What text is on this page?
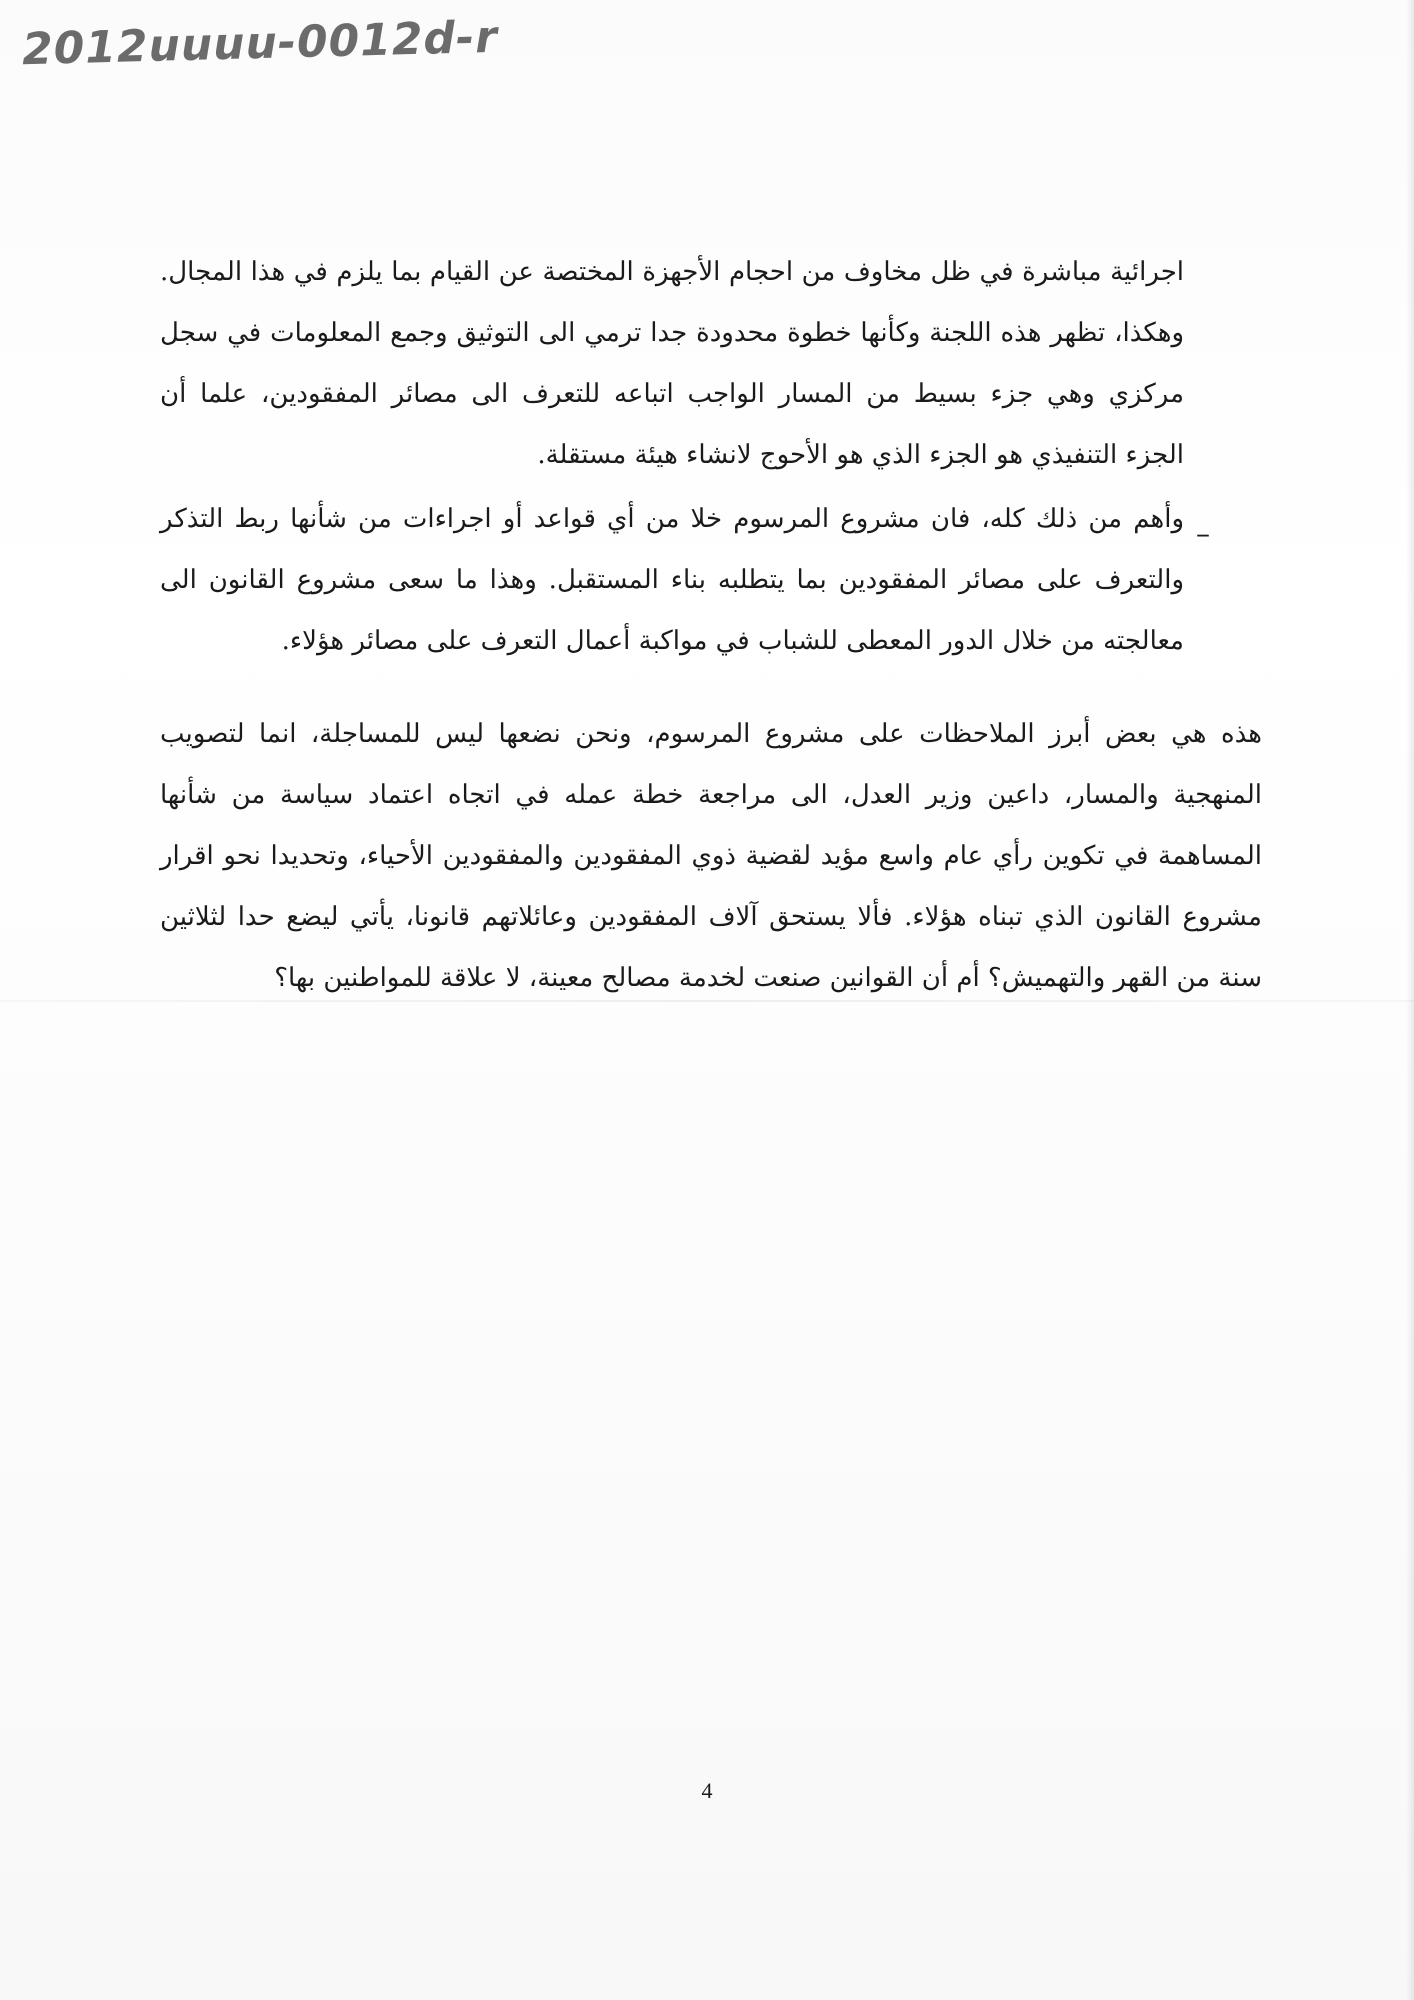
2012uuuu-0012d-r
اجرائية مباشرة في ظل مخاوف من احجام الأجهزة المختصة عن القيام بما يلزم في هذا المجال.
وهكذا، تظهر هذه اللجنة وكأنها خطوة محدودة جدا ترمي الى التوثيق وجمع المعلومات في سجل
مركزي وهي جزء بسيط من المسار الواجب اتباعه للتعرف الى مصائر المفقودين، علما أن
الجزء التنفيذي هو الجزء الذي هو الأحوج لانشاء هيئة مستقلة.
–
وأهم من ذلك كله، فان مشروع المرسوم خلا من أي قواعد أو اجراءات من شأنها ربط التذكر
والتعرف على مصائر المفقودين بما يتطلبه بناء المستقبل. وهذا ما سعى مشروع القانون الى
معالجته من خلال الدور المعطى للشباب في مواكبة أعمال التعرف على مصائر هؤلاء.
هذه هي بعض أبرز الملاحظات على مشروع المرسوم، ونحن نضعها ليس للمساجلة، انما لتصويب
المنهجية والمسار، داعين وزير العدل، الى مراجعة خطة عمله في اتجاه اعتماد سياسة من شأنها
المساهمة في تكوين رأي عام واسع مؤيد لقضية ذوي المفقودين والمفقودين الأحياء، وتحديدا نحو اقرار
مشروع القانون الذي تبناه هؤلاء. فألا يستحق آلاف المفقودين وعائلاتهم قانونا، يأتي ليضع حدا لثلاثين
سنة من القهر والتهميش؟ أم أن القوانين صنعت لخدمة مصالح معينة، لا علاقة للمواطنين بها؟
4
